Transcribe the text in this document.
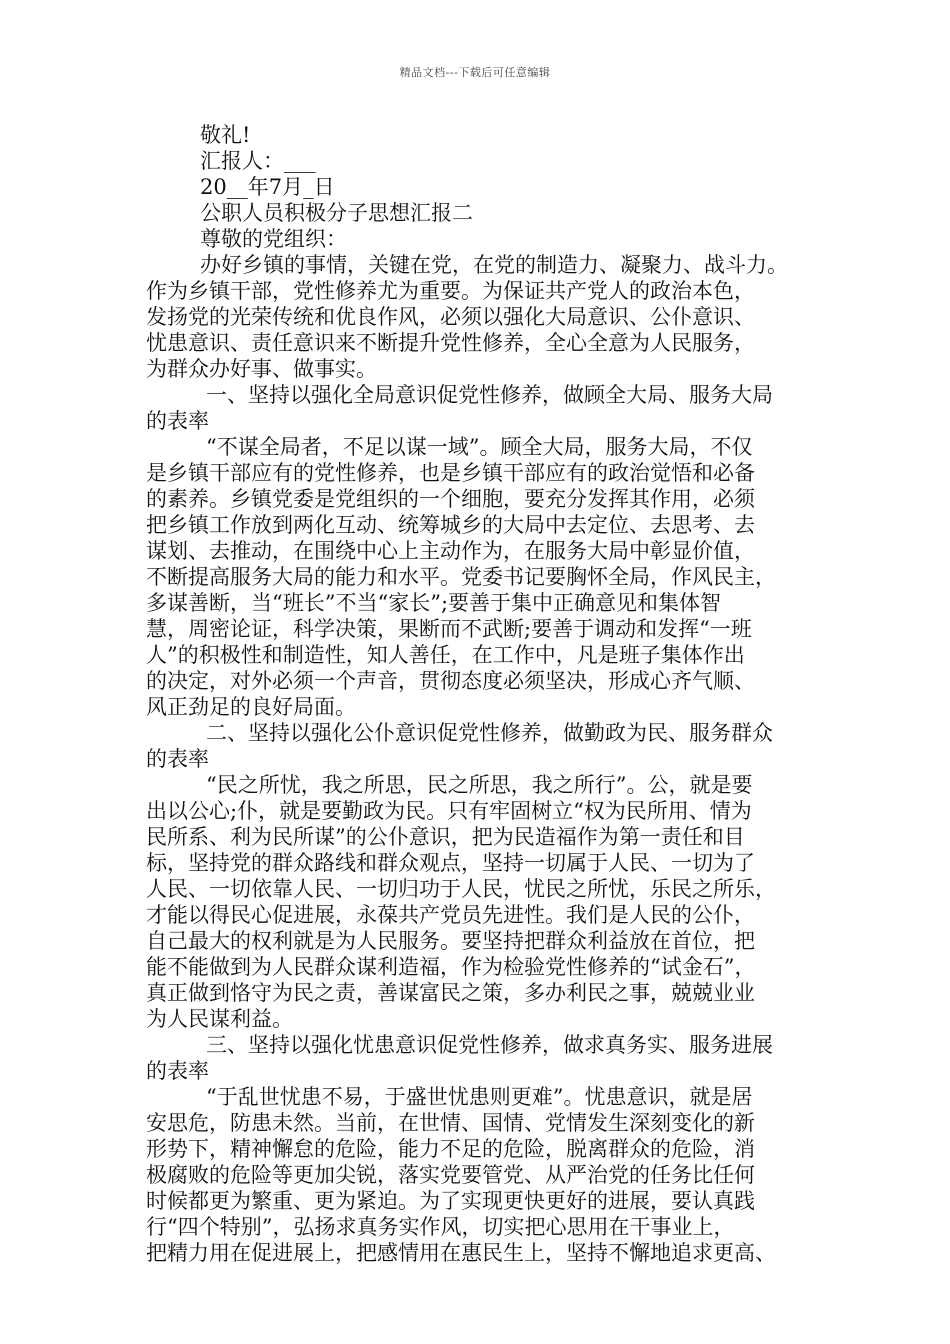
精品文档---下载后可任意编辑
敬礼!
汇报人：___
20__年7月_日
公职人员积极分子思想汇报二
尊敬的党组织：
办好乡镇的事情，关键在党，在党的制造力、凝聚力、战斗力。
作为乡镇干部，党性修养尤为重要。为保证共产党人的政治本色，
发扬党的光荣传统和优良作风，必须以强化大局意识、公仆意识、
忧患意识、责任意识来不断提升党性修养，全心全意为人民服务，
为群众办好事、做事实。
一、坚持以强化全局意识促党性修养，做顾全大局、服务大局
的表率
“不谋全局者，不足以谋一域”。顾全大局，服务大局，不仅
是乡镇干部应有的党性修养，也是乡镇干部应有的政治觉悟和必备
的素养。乡镇党委是党组织的一个细胞，要充分发挥其作用，必须
把乡镇工作放到两化互动、统筹城乡的大局中去定位、去思考、去
谋划、去推动，在围绕中心上主动作为，在服务大局中彰显价值，
不断提高服务大局的能力和水平。党委书记要胸怀全局，作风民主，
多谋善断，当“班长”不当“家长”;要善于集中正确意见和集体智
慧，周密论证，科学决策，果断而不武断;要善于调动和发挥“一班
人”的积极性和制造性，知人善任，在工作中，凡是班子集体作出
的决定，对外必须一个声音，贯彻态度必须坚决，形成心齐气顺、
风正劲足的良好局面。
二、坚持以强化公仆意识促党性修养，做勤政为民、服务群众
的表率
“民之所忧，我之所思，民之所思，我之所行”。公，就是要
出以公心;仆，就是要勤政为民。只有牢固树立“权为民所用、情为
民所系、利为民所谋”的公仆意识，把为民造福作为第一责任和目
标，坚持党的群众路线和群众观点，坚持一切属于人民、一切为了
人民、一切依靠人民、一切归功于人民，忧民之所忧，乐民之所乐，
才能以得民心促进展，永葆共产党员先进性。我们是人民的公仆，
自己最大的权利就是为人民服务。要坚持把群众利益放在首位，把
能不能做到为人民群众谋利造福，作为检验党性修养的“试金石”，
真正做到恪守为民之责，善谋富民之策，多办利民之事，兢兢业业
为人民谋利益。
三、坚持以强化忧患意识促党性修养，做求真务实、服务进展
的表率
“于乱世忧患不易，于盛世忧患则更难”。忧患意识，就是居
安思危，防患未然。当前，在世情、国情、党情发生深刻变化的新
形势下，精神懈怠的危险，能力不足的危险，脱离群众的危险，消
极腐败的危险等更加尖锐，落实党要管党、从严治党的任务比任何
时候都更为繁重、更为紧迫。为了实现更快更好的进展，要认真践
行“四个特别”，弘扬求真务实作风，切实把心思用在干事业上，
把精力用在促进展上，把感情用在惠民生上，坚持不懈地追求更高、
